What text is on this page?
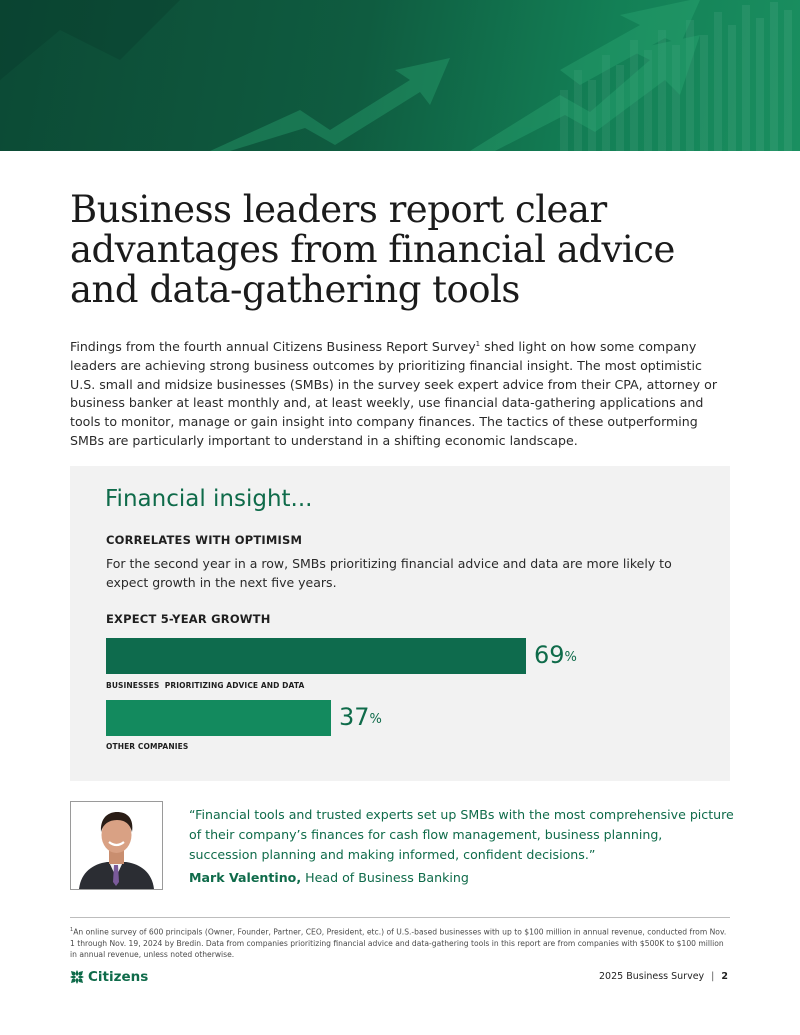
Business leaders report clear advantages from financial advice and data-gathering tools

Findings from the fourth annual Citizens Business Report Survey$^1$ shed light on how some company leaders are achieving strong business outcomes by prioritizing financial insight. The most optimistic U.S. small and midsize businesses (SMBs) in the survey seek expert advice from their CPA, attorney or business banker at least monthly and, at least weekly, use financial data-gathering applications and tools to monitor, manage or gain insight into company finances. The tactics of these outperforming SMBs are particularly important to understand in a shifting economic landscape.

Financial insight...
CORRELATES WITH OPTIMISM

For the second year in a row, SMBs prioritizing financial advice and data are more likely to expect growth in the next five years.

EXPECT 5-YEAR GROWTH
69%
BUSINESSES  PRIORITIZING ADVICE AND DATA
37%
OTHER COMPANIES

“Financial tools and trusted experts set up SMBs with the most comprehensive picture of their company’s finances for cash flow management, business planning, succession planning and making informed, confident decisions.”

Mark Valentino, Head of Business Banking

$^1$An online survey of 600 principals (Owner, Founder, Partner, CEO, President, etc.) of U.S.-based businesses with up to $100 million in annual revenue, conducted from Nov. 1 through Nov. 19, 2024 by Bredin. Data from companies prioritizing financial advice and data-gathering tools in this report are from companies with $500K to $100 million in annual revenue, unless noted otherwise.

Citizens	2025 Business Survey | 2
